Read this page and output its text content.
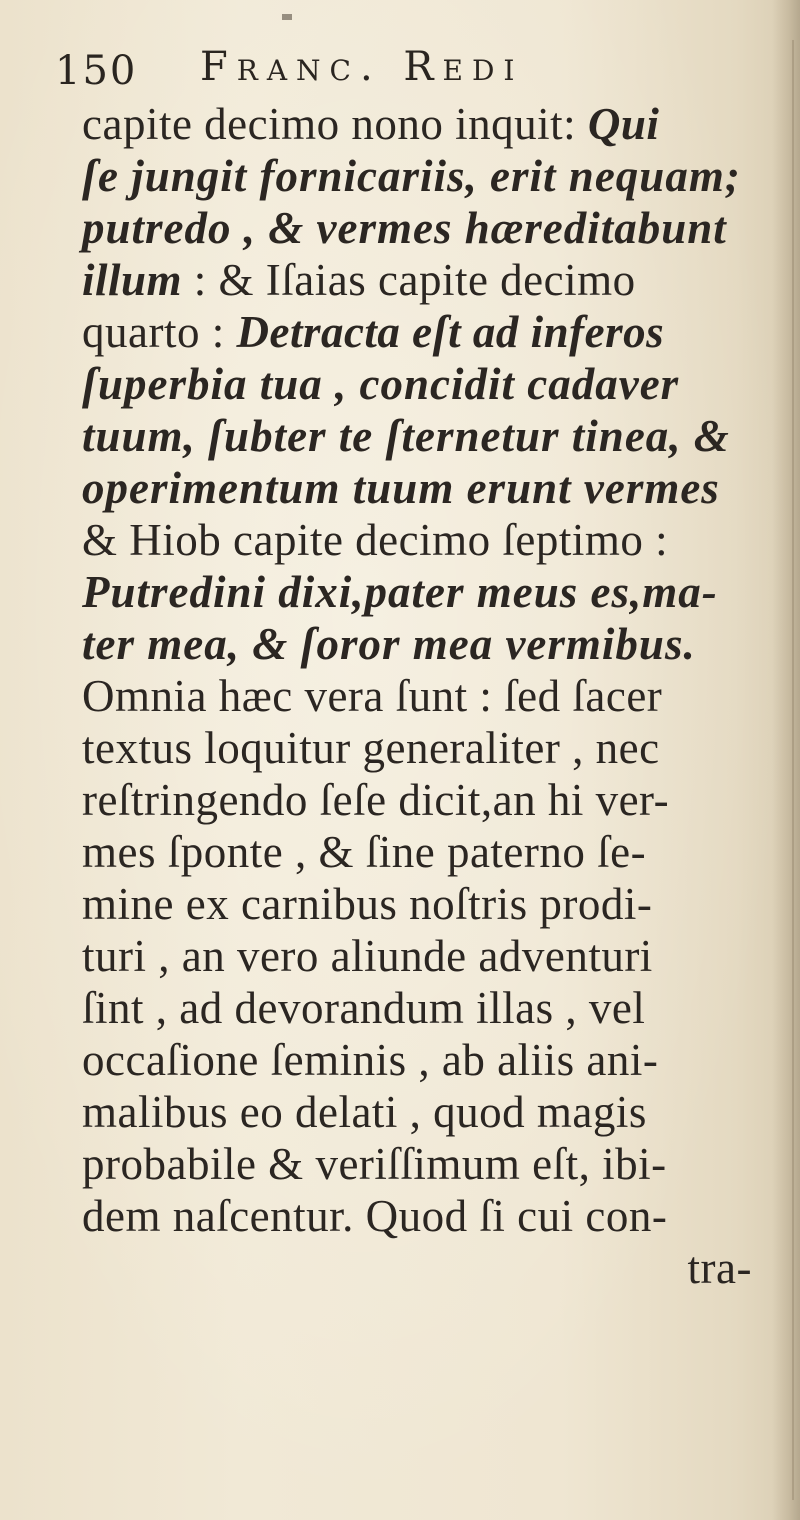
150 Franc. Redi
capite decimo nono inquit: Qui
ſe jungit fornicariis, erit nequam;
putredo , & vermes hæreditabunt
illum : & Iſaias capite decimo
quarto : Detracta eſt ad inferos
ſuperbia tua , concidit cadaver
tuum, ſubter te ſternetur tinea, &
operimentum tuum erunt vermes
& Hiob capite decimo ſeptimo :
Putredini dixi,pater meus es,ma-
ter mea, & ſoror mea vermibus.
Omnia hæc vera ſunt : ſed ſacer
textus loquitur generaliter , nec
reſtringendo ſeſe dicit,an hi ver-
mes ſponte , & ſine paterno ſe-
mine ex carnibus noſtris prodi-
turi , an vero aliunde adventuri
ſint , ad devorandum illas , vel
occaſione ſeminis , ab aliis ani-
malibus eo delati , quod magis
probabile & veriſſimum eſt, ibi-
dem naſcentur. Quod ſi cui con-
tra-
